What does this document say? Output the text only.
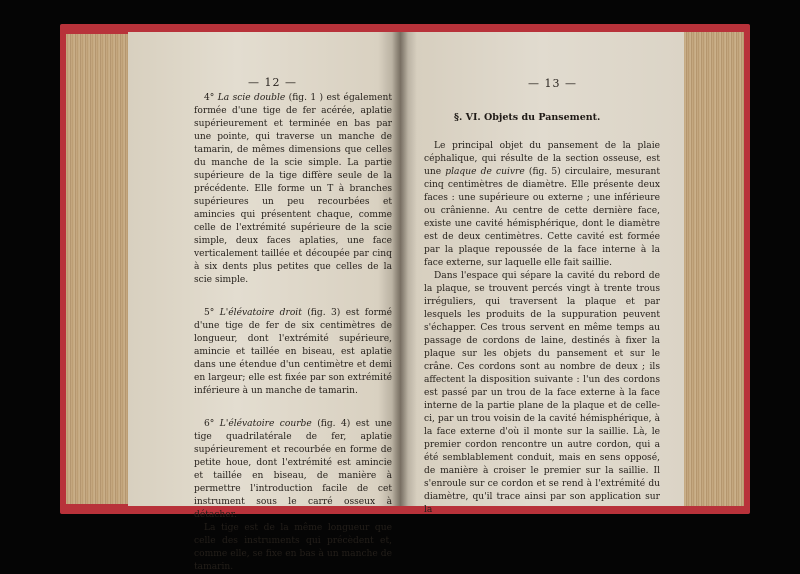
— 12 —

4° La scie double (fig. 1 ) est également formée d'une tige de fer acérée, aplatie supérieurement et terminée en bas par une pointe, qui traverse un manche de tamarin, de mêmes dimensions que celles du manche de la scie simple. La partie supérieure de la tige diffère seule de la précédente. Elle forme un T à branches supérieures un peu recourbées et amincies qui présentent chaque, comme celle de l'extrémité supérieure de la scie simple, deux faces aplaties, une face verticalement taillée et découpée par cinq à six dents plus petites que celles de la scie simple.

5° L'élévatoire droit (fig. 3) est formé d'une tige de fer de six centimètres de longueur, dont l'extrémité supérieure, amincie et taillée en biseau, est aplatie dans une étendue d'un centimètre et demi en largeur; elle est fixée par son extrémité inférieure à un manche de tamarin.

6° L'élévatoire courbe (fig. 4) est une tige quadrilatérale de fer, aplatie supérieurement et recourbée en forme de petite houe, dont l'extrémité est amincie et taillée en biseau, de manière à permettre l'introduction facile de cet instrument sous le carré osseux à détacher.

La tige est de la même longueur que celle des instruments qui précèdent et, comme elle, se fixe en bas à un manche de tamarin.

— 13 —
§. VI. Objets du Pansement.

Le principal objet du pansement de la plaie céphalique, qui résulte de la section osseuse, est une plaque de cuivre (fig. 5) circulaire, mesurant cinq centimètres de diamètre. Elle présente deux faces : une supérieure ou externe ; une inférieure ou crânienne. Au centre de cette dernière face, existe une cavité hémisphérique, dont le diamètre est de deux centimètres. Cette cavité est formée par la plaque repoussée de la face interne à la face externe, sur laquelle elle fait saillie.

Dans l'espace qui sépare la cavité du rebord de la plaque, se trouvent percés vingt à trente trous irréguliers, qui traversent la plaque et par lesquels les produits de la suppuration peuvent s'échapper. Ces trous servent en même temps au passage de cordons de laine, destinés à fixer la plaque sur les objets du pansement et sur le crâne. Ces cordons sont au nombre de deux ; ils affectent la disposition suivante : l'un des cordons est passé par un trou de la face externe à la face interne de la partie plane de la plaque et de celle-ci, par un trou voisin de la cavité hémisphérique, à la face externe d'où il monte sur la saillie. Là, le premier cordon rencontre un autre cordon, qui a été semblablement conduit, mais en sens opposé, de manière à croiser le premier sur la saillie. Il s'enroule sur ce cordon et se rend à l'extrémité du diamètre, qu'il trace ainsi par son application sur la
